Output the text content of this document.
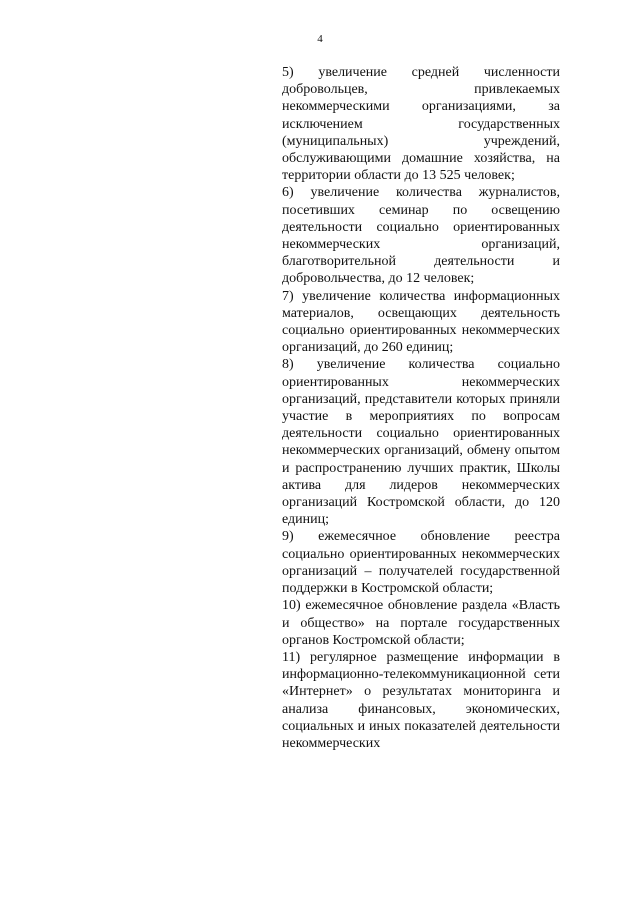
4

5) увеличение средней численности добровольцев, привлекаемых некоммерческими организациями, за исключением государственных (муниципальных) учреждений, обслуживающими домашние хозяйства, на территории области до 13 525 человек;

6) увеличение количества журналистов, посетивших семинар по освещению деятельности социально ориентированных некоммерческих организаций, благотворительной деятельности и добровольчества, до 12 человек;

7) увеличение количества информационных материалов, освещающих деятельность социально ориентированных некоммерческих организаций, до 260 единиц;

8) увеличение количества социально ориентированных некоммерческих организаций, представители которых приняли участие в мероприятиях по вопросам деятельности социально ориентированных некоммерческих организаций, обмену опытом и распространению лучших практик, Школы актива для лидеров некоммерческих организаций Костромской области, до 120 единиц;

9) ежемесячное обновление реестра социально ориентированных некоммерческих организаций – получателей государственной поддержки в Костромской области;

10) ежемесячное обновление раздела «Власть и общество» на портале государственных органов Костромской области;

11) регулярное размещение информации в информационно-телекоммуникационной сети «Интернет» о результатах мониторинга и анализа финансовых, экономических, социальных и иных показателей деятельности некоммерческих
